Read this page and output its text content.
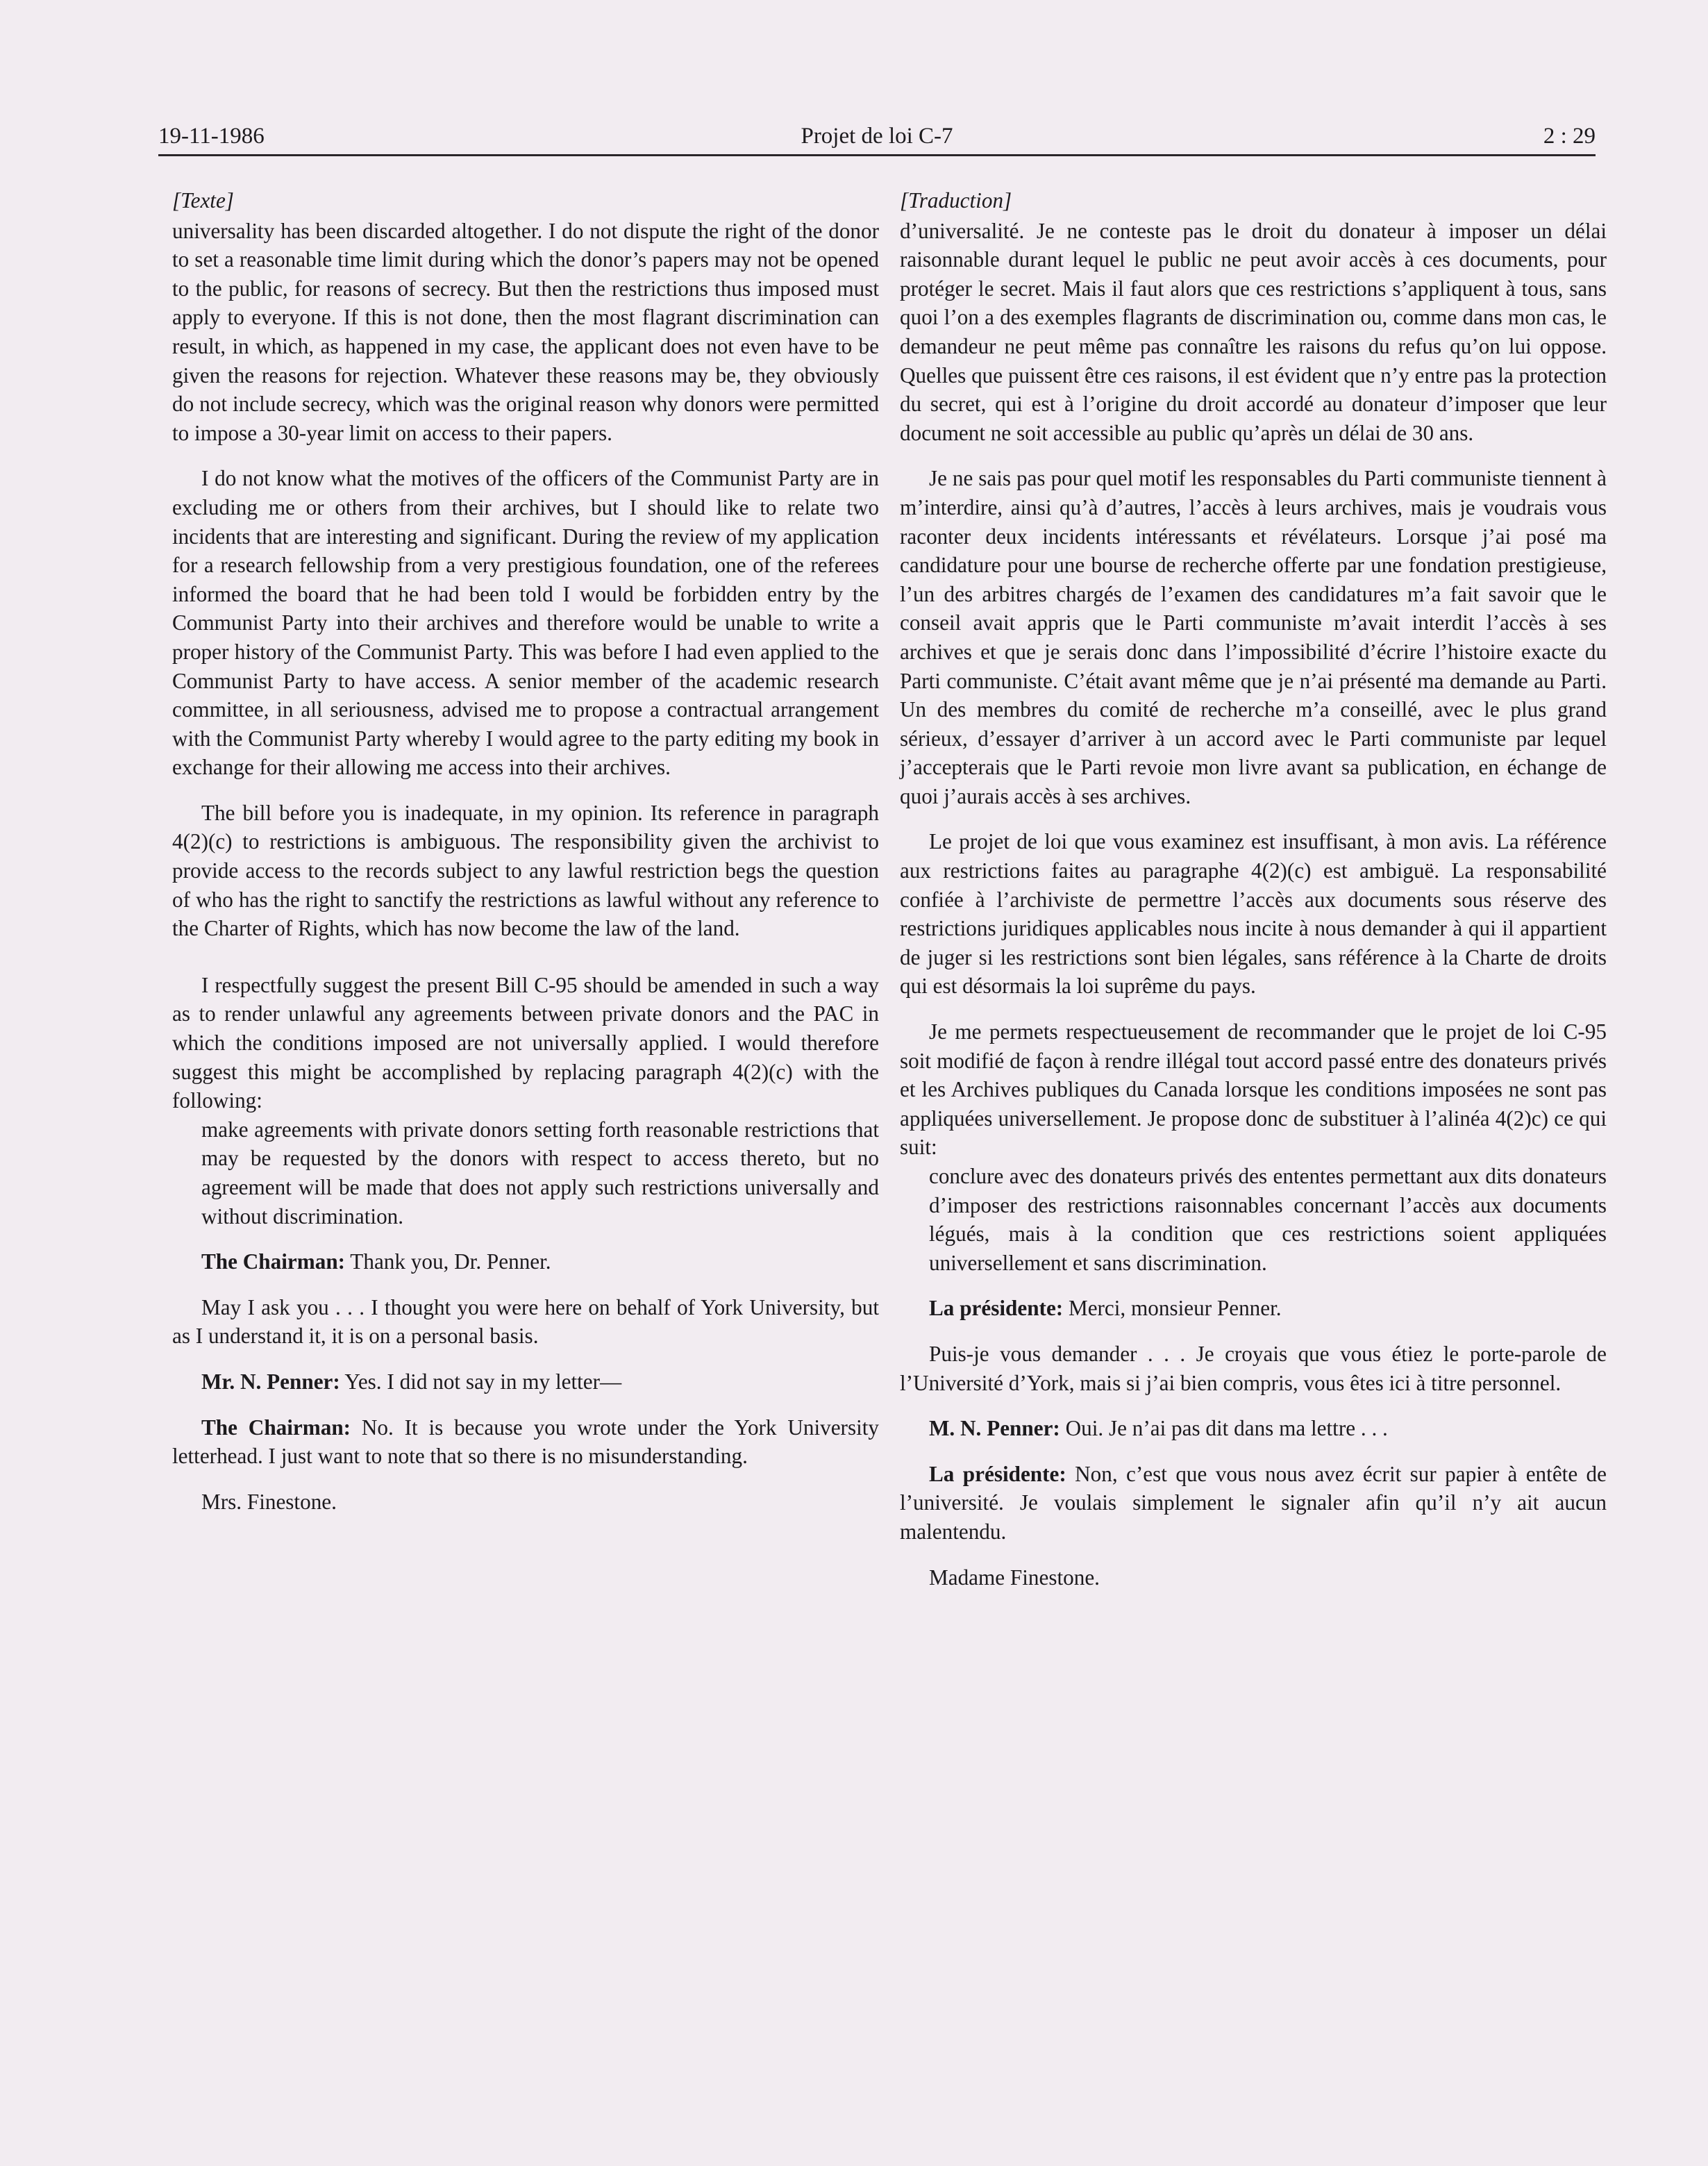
19-11-1986	Projet de loi C-7	2 : 29

[Texte]

universality has been discarded altogether. I do not dispute the right of the donor to set a reasonable time limit during which the donor’s papers may not be opened to the public, for reasons of secrecy. But then the restrictions thus imposed must apply to everyone. If this is not done, then the most flagrant discrimination can result, in which, as happened in my case, the applicant does not even have to be given the reasons for rejection. Whatever these reasons may be, they obviously do not include secrecy, which was the original reason why donors were permitted to impose a 30-year limit on access to their papers.

I do not know what the motives of the officers of the Communist Party are in excluding me or others from their archives, but I should like to relate two incidents that are interesting and significant. During the review of my application for a research fellowship from a very prestigious foundation, one of the referees informed the board that he had been told I would be forbidden entry by the Communist Party into their archives and therefore would be unable to write a proper history of the Communist Party. This was before I had even applied to the Communist Party to have access. A senior member of the academic research committee, in all seriousness, advised me to propose a contractual arrangement with the Communist Party whereby I would agree to the party editing my book in exchange for their allowing me access into their archives.

The bill before you is inadequate, in my opinion. Its reference in paragraph 4(2)(c) to restrictions is ambiguous. The responsibility given the archivist to provide access to the records subject to any lawful restriction begs the question of who has the right to sanctify the restrictions as lawful without any reference to the Charter of Rights, which has now become the law of the land.

I respectfully suggest the present Bill C-95 should be amended in such a way as to render unlawful any agreements between private donors and the PAC in which the conditions imposed are not universally applied. I would therefore suggest this might be accomplished by replacing paragraph 4(2)(c) with the following:

make agreements with private donors setting forth reasonable restrictions that may be requested by the donors with respect to access thereto, but no agreement will be made that does not apply such restrictions universally and without discrimination.

The Chairman: Thank you, Dr. Penner.

May I ask you . . . I thought you were here on behalf of York University, but as I understand it, it is on a personal basis.

Mr. N. Penner: Yes. I did not say in my letter—

The Chairman: No. It is because you wrote under the York University letterhead. I just want to note that so there is no misunderstanding.

Mrs. Finestone.

[Traduction]

d’universalité. Je ne conteste pas le droit du donateur à imposer un délai raisonnable durant lequel le public ne peut avoir accès à ces documents, pour protéger le secret. Mais il faut alors que ces restrictions s’appliquent à tous, sans quoi l’on a des exemples flagrants de discrimination ou, comme dans mon cas, le demandeur ne peut même pas connaître les raisons du refus qu’on lui oppose. Quelles que puissent être ces raisons, il est évident que n’y entre pas la protection du secret, qui est à l’origine du droit accordé au donateur d’imposer que leur document ne soit accessible au public qu’après un délai de 30 ans.

Je ne sais pas pour quel motif les responsables du Parti communiste tiennent à m’interdire, ainsi qu’à d’autres, l’accès à leurs archives, mais je voudrais vous raconter deux incidents intéressants et révélateurs. Lorsque j’ai posé ma candidature pour une bourse de recherche offerte par une fondation prestigieuse, l’un des arbitres chargés de l’examen des candidatures m’a fait savoir que le conseil avait appris que le Parti communiste m’avait interdit l’accès à ses archives et que je serais donc dans l’impossibilité d’écrire l’histoire exacte du Parti communiste. C’était avant même que je n’ai présenté ma demande au Parti. Un des membres du comité de recherche m’a conseillé, avec le plus grand sérieux, d’essayer d’arriver à un accord avec le Parti communiste par lequel j’accepterais que le Parti revoie mon livre avant sa publication, en échange de quoi j’aurais accès à ses archives.

Le projet de loi que vous examinez est insuffisant, à mon avis. La référence aux restrictions faites au paragraphe 4(2)(c) est ambiguë. La responsabilité confiée à l’archiviste de permettre l’accès aux documents sous réserve des restrictions juridiques applicables nous incite à nous demander à qui il appartient de juger si les restrictions sont bien légales, sans référence à la Charte de droits qui est désormais la loi suprême du pays.

Je me permets respectueusement de recommander que le projet de loi C-95 soit modifié de façon à rendre illégal tout accord passé entre des donateurs privés et les Archives publiques du Canada lorsque les conditions imposées ne sont pas appliquées universellement. Je propose donc de substituer à l’alinéa 4(2)c) ce qui suit:

conclure avec des donateurs privés des ententes permettant aux dits donateurs d’imposer des restrictions raisonnables concernant l’accès aux documents légués, mais à la condition que ces restrictions soient appliquées universellement et sans discrimination.

La présidente: Merci, monsieur Penner.

Puis-je vous demander . . . Je croyais que vous étiez le porte-parole de l’Université d’York, mais si j’ai bien compris, vous êtes ici à titre personnel.

M. N. Penner: Oui. Je n’ai pas dit dans ma lettre . . .

La présidente: Non, c’est que vous nous avez écrit sur papier à entête de l’université. Je voulais simplement le signaler afin qu’il n’y ait aucun malentendu.

Madame Finestone.
